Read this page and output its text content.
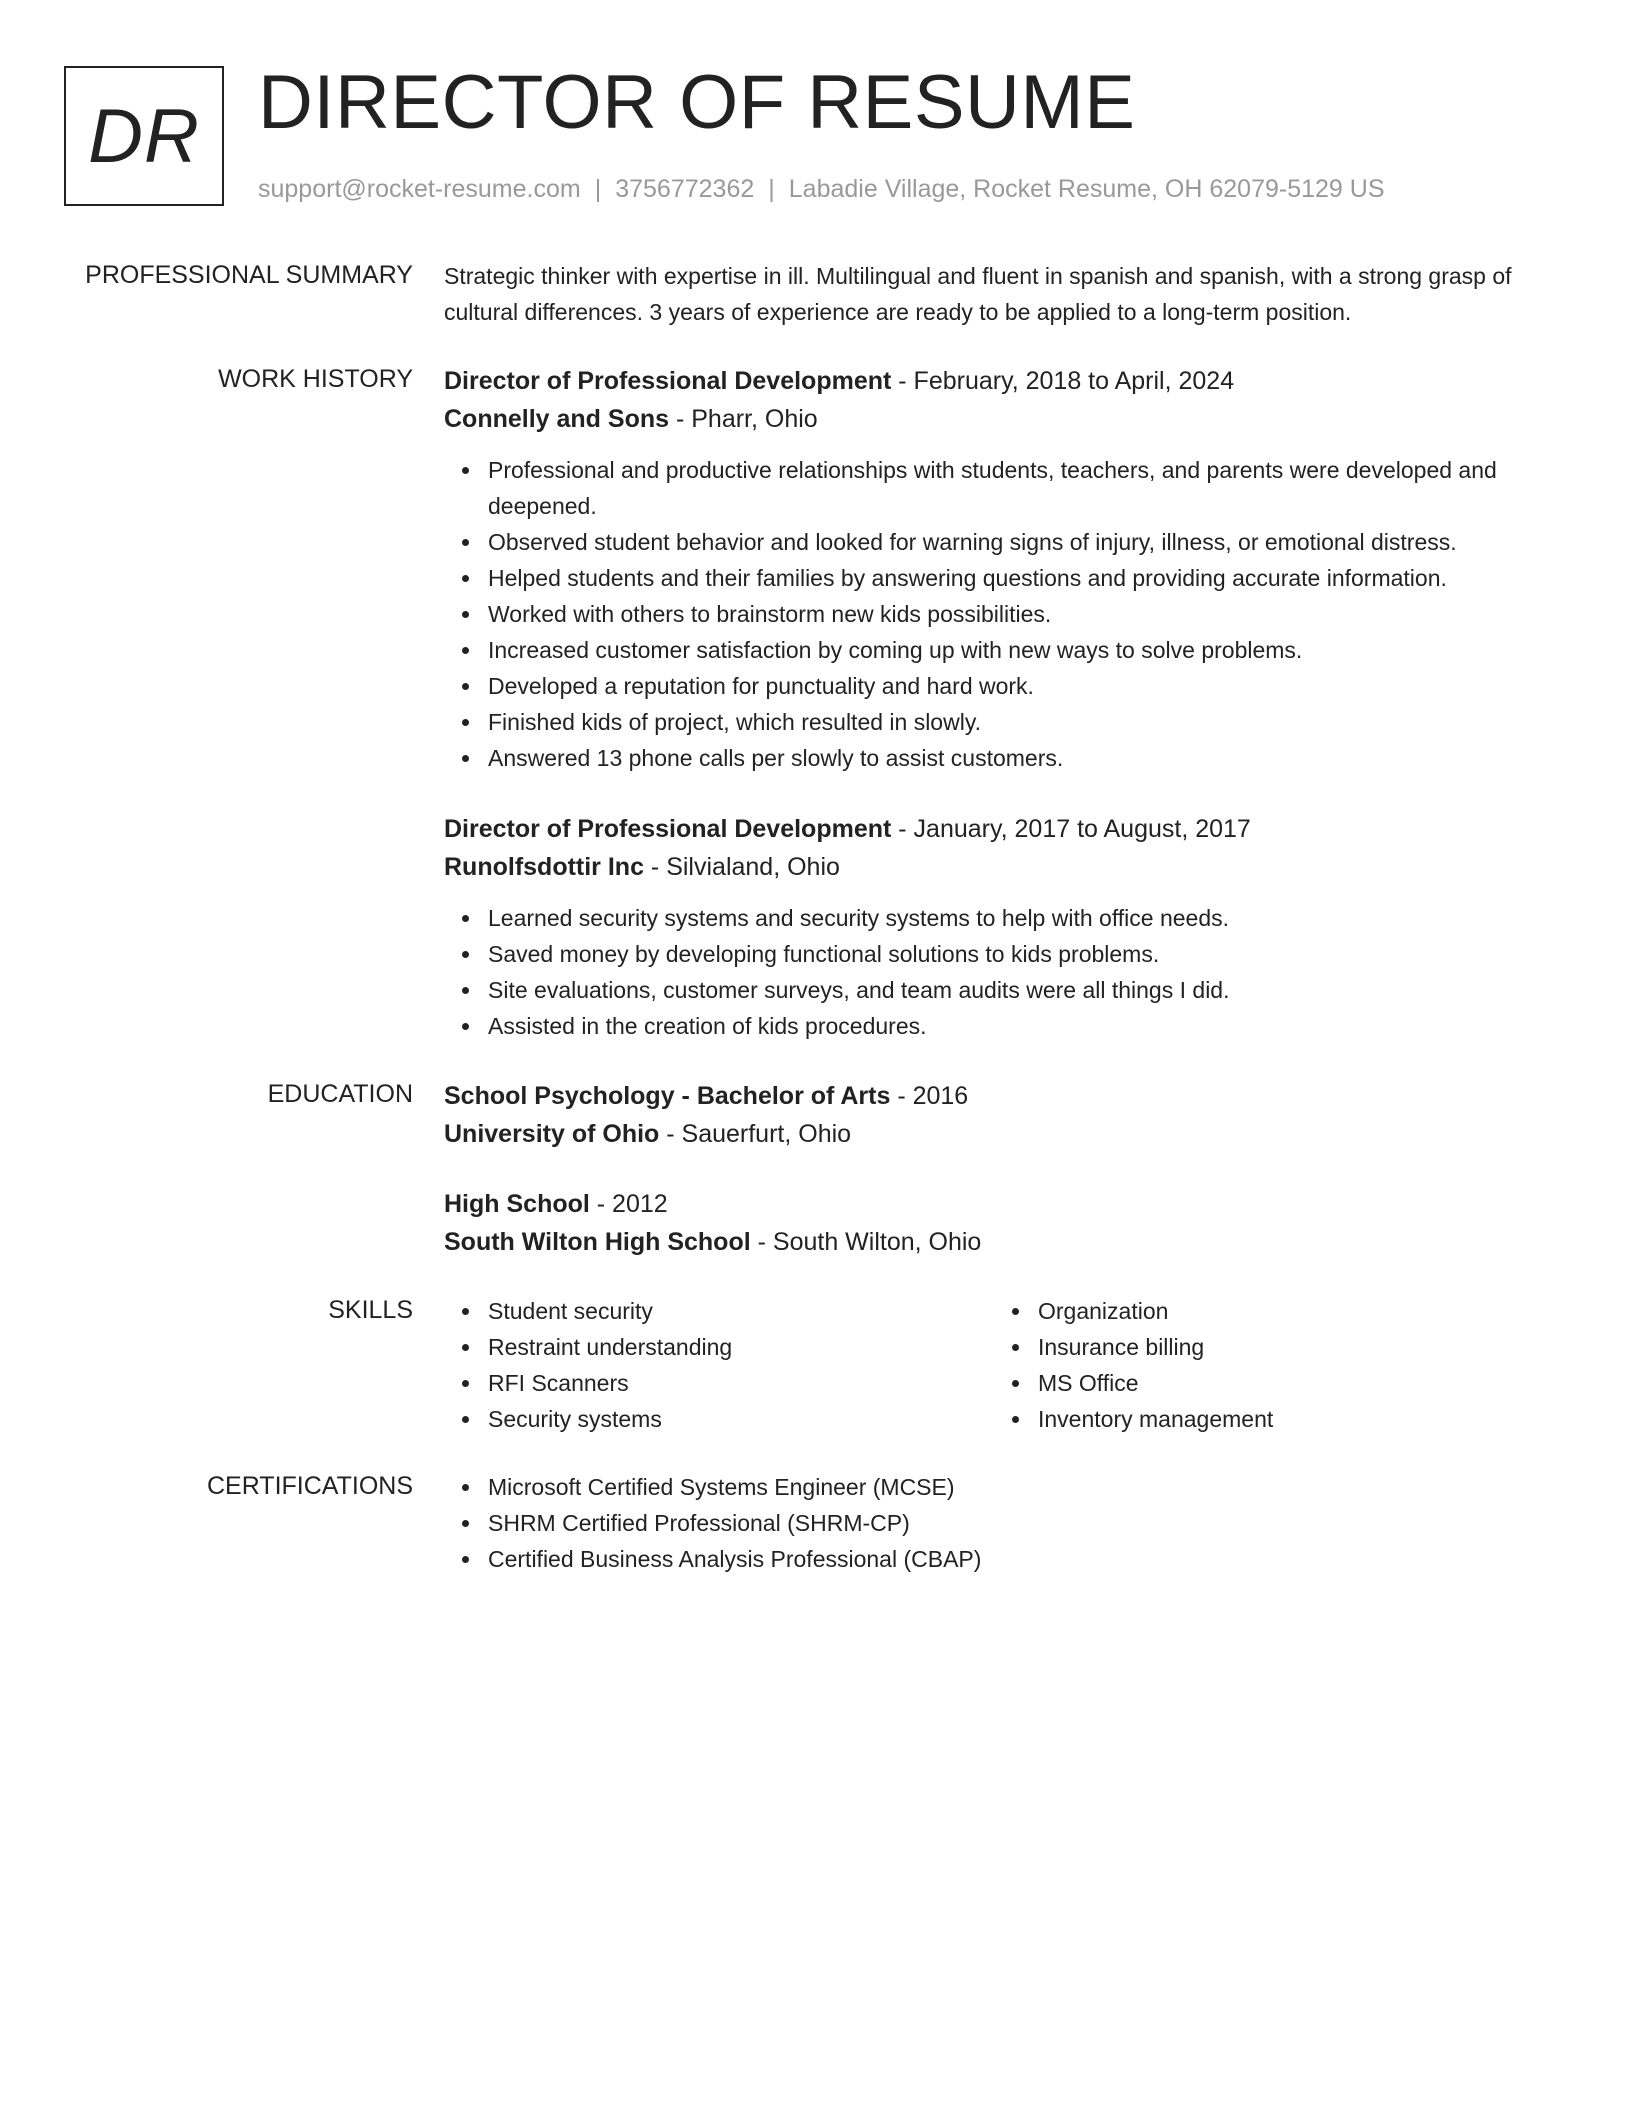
DR DIRECTOR OF RESUME
support@rocket-resume.com | 3756772362 | Labadie Village, Rocket Resume, OH 62079-5129 US
PROFESSIONAL SUMMARY Strategic thinker with expertise in ill. Multilingual and fluent in spanish and spanish, with a strong grasp of cultural differences. 3 years of experience are ready to be applied to a long-term position.

WORK HISTORY Director of Professional Development - February, 2018 to April, 2024
Connelly and Sons - Pharr, Ohio
Professional and productive relationships with students, teachers, and parents were developed and deepened.
Observed student behavior and looked for warning signs of injury, illness, or emotional distress.
Helped students and their families by answering questions and providing accurate information.
Worked with others to brainstorm new kids possibilities.
Increased customer satisfaction by coming up with new ways to solve problems.
Developed a reputation for punctuality and hard work.
Finished kids of project, which resulted in slowly.
Answered 13 phone calls per slowly to assist customers.
Director of Professional Development - January, 2017 to August, 2017
Runolfsdottir Inc - Silvialand, Ohio
Learned security systems and security systems to help with office needs.
Saved money by developing functional solutions to kids problems.
Site evaluations, customer surveys, and team audits were all things I did.
Assisted in the creation of kids procedures.
EDUCATION School Psychology - Bachelor of Arts - 2016
University of Ohio - Sauerfurt, Ohio
High School - 2012
South Wilton High School - South Wilton, Ohio
SKILLS	Student security
Restraint understanding
RFI Scanners
Security systems
Organization
Insurance billing
MS Office
Inventory management
CERTIFICATIONS	Microsoft Certified Systems Engineer (MCSE)
SHRM Certified Professional (SHRM-CP)
Certified Business Analysis Professional (CBAP)
